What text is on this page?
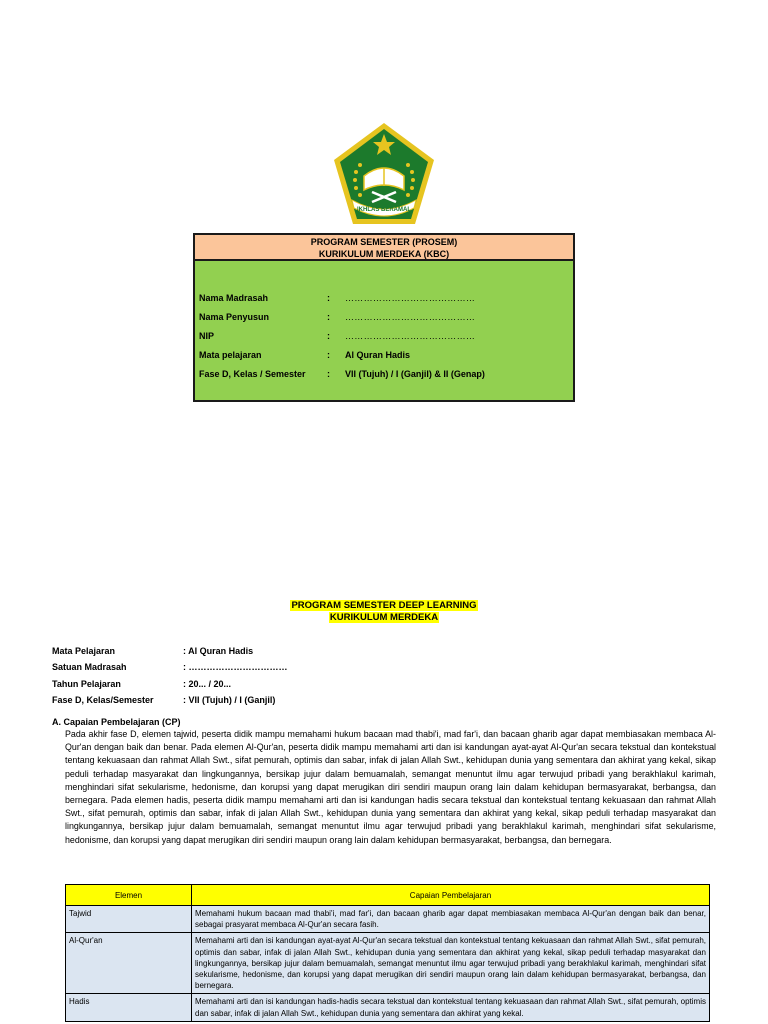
IKHLAS BERAMAL
PROGRAM SEMESTER (PROSEM)
KURIKULUM MERDEKA (KBC)
Nama Madrasah	:	……………………………………
Nama Penyusun	:	……………………………………
NIP	:	……………………………………
Mata pelajaran	:	Al Quran Hadis
Fase D, Kelas / Semester	:	VII (Tujuh) / I (Ganjil) & II (Genap)
PROGRAM SEMESTER DEEP LEARNING
KURIKULUM MERDEKA
Mata Pelajaran	: Al Quran Hadis
Satuan Madrasah	: ……………………………
Tahun Pelajaran	: 20... / 20...
Fase D, Kelas/Semester	: VII (Tujuh) / I (Ganjil)
A. Capaian Pembelajaran (CP)
Pada akhir fase D, elemen tajwid, peserta didik mampu memahami hukum bacaan mad thabi'i, mad far'i, dan bacaan gharib agar dapat membiasakan membaca Al-Qur'an dengan baik dan benar. Pada elemen Al-Qur'an, peserta didik mampu memahami arti dan isi kandungan ayat-ayat Al-Qur'an secara tekstual dan kontekstual tentang kekuasaan dan rahmat Allah Swt., sifat pemurah, optimis dan sabar, infak di jalan Allah Swt., kehidupan dunia yang sementara dan akhirat yang kekal, sikap peduli terhadap masyarakat dan lingkungannya, bersikap jujur dalam bemuamalah, semangat menuntut ilmu agar terwujud pribadi yang berakhlakul karimah, menghindari sifat sekularisme, hedonisme, dan korupsi yang dapat merugikan diri sendiri maupun orang lain dalam kehidupan bermasyarakat, berbangsa, dan bernegara. Pada elemen hadis, peserta didik mampu memahami arti dan isi kandungan hadis secara tekstual dan kontekstual tentang kekuasaan dan rahmat Allah Swt., sifat pemurah, optimis dan sabar, infak di jalan Allah Swt., kehidupan dunia yang sementara dan akhirat yang kekal, sikap peduli terhadap masyarakat dan lingkungannya, bersikap jujur dalam bemuamalah, semangat menuntut ilmu agar terwujud pribadi yang berakhlakul karimah, menghindari sifat sekularisme, hedonisme, dan korupsi yang dapat merugikan diri sendiri maupun orang lain dalam kehidupan bermasyarakat, berbangsa, dan bernegara.
Elemen	Capaian Pembelajaran
Tajwid	Memahami hukum bacaan mad thabi'i, mad far'i, dan bacaan gharib agar dapat membiasakan membaca Al-Qur'an dengan baik dan benar, sebagai prasyarat membaca Al-Qur'an secara fasih.
Al-Qur'an	Memahami arti dan isi kandungan ayat-ayat Al-Qur'an secara tekstual dan kontekstual tentang kekuasaan dan rahmat Allah Swt., sifat pemurah, optimis dan sabar, infak di jalan Allah Swt., kehidupan dunia yang sementara dan akhirat yang kekal, sikap peduli terhadap masyarakat dan lingkungannya, bersikap jujur dalam bemuamalah, semangat menuntut ilmu agar terwujud pribadi yang berakhlakul karimah, menghindari sifat sekularisme, hedonisme, dan korupsi yang dapat merugikan diri sendiri maupun orang lain dalam kehidupan bermasyarakat, berbangsa, dan bernegara.
Hadis	Memahami arti dan isi kandungan hadis-hadis secara tekstual dan kontekstual tentang kekuasaan dan rahmat Allah Swt., sifat pemurah, optimis dan sabar, infak di jalan Allah Swt., kehidupan dunia yang sementara dan akhirat yang kekal.
